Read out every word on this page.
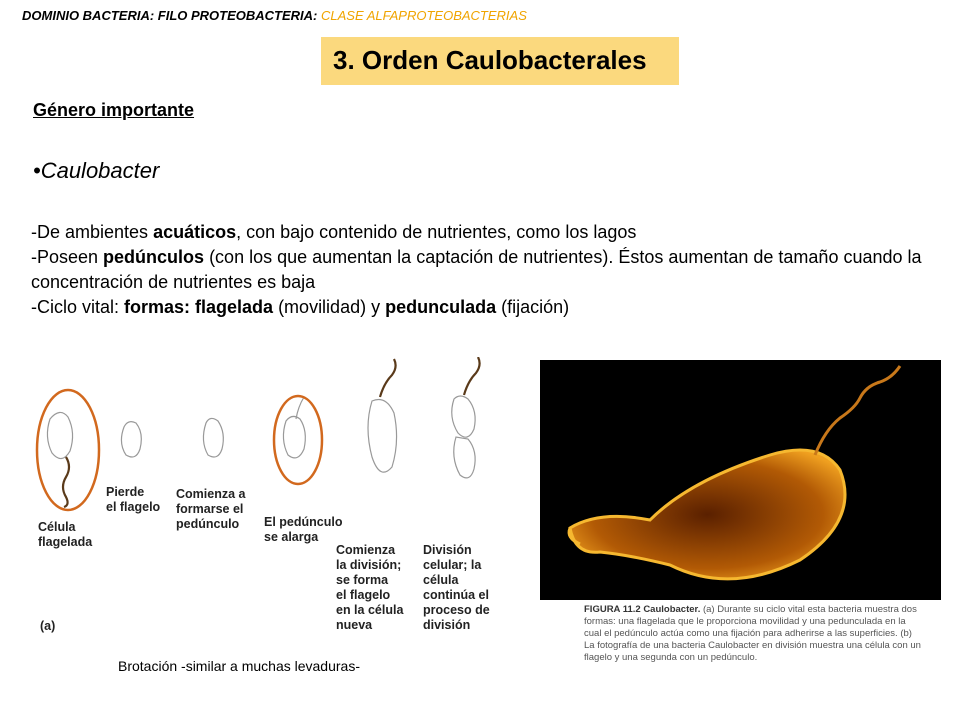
DOMINIO BACTERIA: FILO PROTEOBACTERIA: CLASE ALFAPROTEOBACTERIAS
3. Orden Caulobacterales
Género importante
•Caulobacter

-De ambientes acuáticos, con bajo contenido de nutrientes, como los lagos

-Poseen pedúnculos (con los que aumentan la captación de nutrientes). Éstos aumentan de tamaño cuando la concentración de nutrientes es baja

-Ciclo vital: formas: flagelada (movilidad) y pedunculada (fijación)

Célula
flagelada
Pierde
el flagelo
Comienza a
formarse el
pedúnculo	El pedúnculo
se alarga
Comienza
la división;
se forma
el flagelo
en la célula
nueva
División
celular; la
célula
continúa el
proceso de
división
(a)
Brotación -similar a muchas levaduras-
FIGURA 11.2 Caulobacter. (a) Durante su ciclo vital esta bacteria muestra dos formas: una flagelada que le proporciona movilidad y una pedunculada en la cual el pedúnculo actúa como una fijación para adherirse a las superficies. (b) La fotografía de una bacteria Caulobacter en división muestra una célula con un flagelo y una segunda con un pedúnculo.
